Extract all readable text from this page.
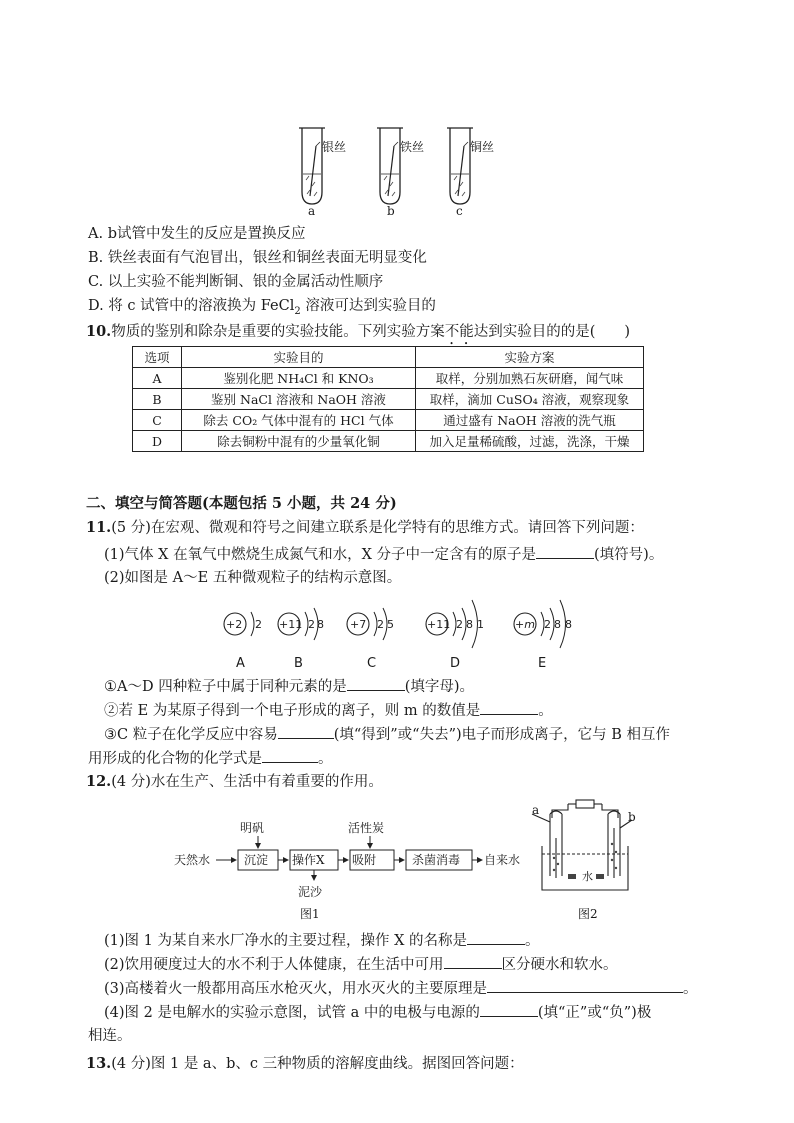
银丝	铁丝	铜丝
a	b	c
A. b试管中发生的反应是置换反应
B. 铁丝表面有气泡冒出，银丝和铜丝表面无明显变化
C. 以上实验不能判断铜、银的金属活动性顺序
D. 将 c 试管中的溶液换为 FeCl$_2$ 溶液可达到实验目的
10.物质的鉴别和除杂是重要的实验技能。下列实验方案不能达到实验目的的是(　　)
选项	实验目的	实验方案
A	鉴别化肥 NH₄Cl 和 KNO₃	取样，分别加熟石灰研磨，闻气味
B	鉴别 NaCl 溶液和 NaOH 溶液	取样，滴加 CuSO₄ 溶液，观察现象
C	除去 CO₂ 气体中混有的 HCl 气体	通过盛有 NaOH 溶液的洗气瓶
D	除去铜粉中混有的少量氧化铜	加入足量稀硫酸，过滤，洗涤，干燥
二、填空与简答题(本题包括 5 小题，共 24 分)
11.(5 分)在宏观、微观和符号之间建立联系是化学特有的思维方式。请回答下列问题：
(1)气体 X 在氧气中燃烧生成氮气和水，X 分子中一定含有的原子是	(填符号)。
(2)如图是 A～E 五种微观粒子的结构示意图。
+2 2 +11 2 8 +7 2 5	+11 2 8 1	+m 2 8 8
A	B	C	D	E
①A～D 四种粒子中属于同种元素的是	(填字母)。
②若 E 为某原子得到一个电子形成的离子，则 m 的数值是	。
③C 粒子在化学反应中容易	(填“得到”或“失去”)电子而形成离子，它与 B 相互作
用形成的化合物的化学式是	。
12.(4 分)水在生产、生活中有着重要的作用。
天然水	沉淀 操作X 吸附	杀菌消毒 自来水
明矾	活性炭
泥沙
图1
a	b
水
图2
(1)图 1 为某自来水厂净水的主要过程，操作 X 的名称是	。
(2)饮用硬度过大的水不利于人体健康，在生活中可用	区分硬水和软水。
(3)高楼着火一般都用高压水枪灭火，用水灭火的主要原理是	。
(4)图 2 是电解水的实验示意图，试管 a 中的电极与电源的	(填“正”或“负”)极
相连。
13.(4 分)图 1 是 a、b、c 三种物质的溶解度曲线。据图回答问题：
